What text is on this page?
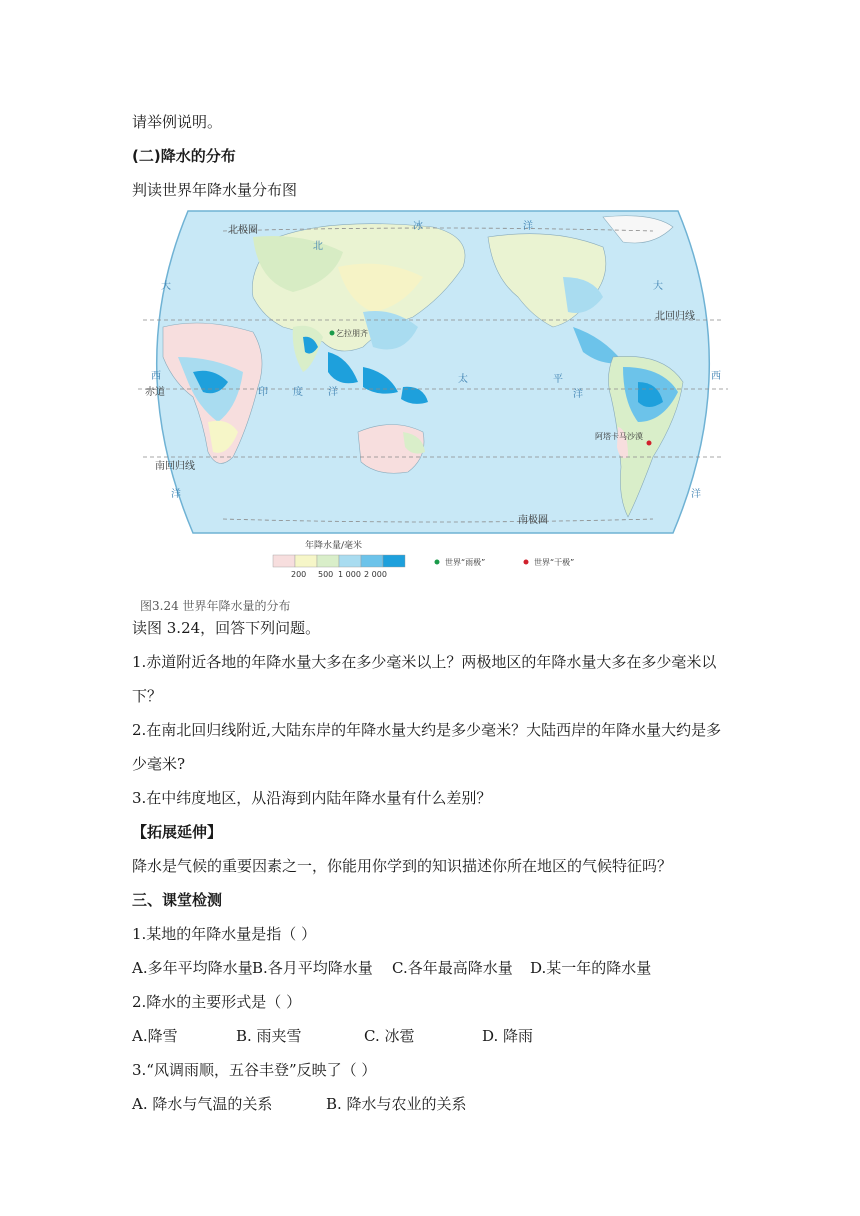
请举例说明。
(二)降水的分布
判读世界年降水量分布图
北极圈
南极圈
北回归线
南回归线
赤道
乞拉朋齐
阿塔卡马沙漠
北
冰	洋
大
西
洋
印	度	洋
太	平
洋
大
西
洋
年降水量/毫米
200 500 1 000 2 000
世界“雨极”	世界“干极”
图3.24 世界年降水量的分布
读图 3.24，回答下列问题。
1.赤道附近各地的年降水量大多在多少毫米以上？两极地区的年降水量大多在多少毫米以
下？
2.在南北回归线附近,大陆东岸的年降水量大约是多少毫米？大陆西岸的年降水量大约是多
少毫米?
3.在中纬度地区，从沿海到内陆年降水量有什么差别？
【拓展延伸】
降水是气候的重要因素之一，你能用你学到的知识描述你所在地区的气候特征吗？
三、课堂检测
1.某地的年降水量是指（ ）
A.多年平均降水量B.各月平均降水量 C.各年最高降水量 D.某一年的降水量
2.降水的主要形式是（ ）
A.降雪	B. 雨夹雪	C. 冰雹	D. 降雨
3.“风调雨顺，五谷丰登”反映了（ ）
A. 降水与气温的关系	B. 降水与农业的关系
